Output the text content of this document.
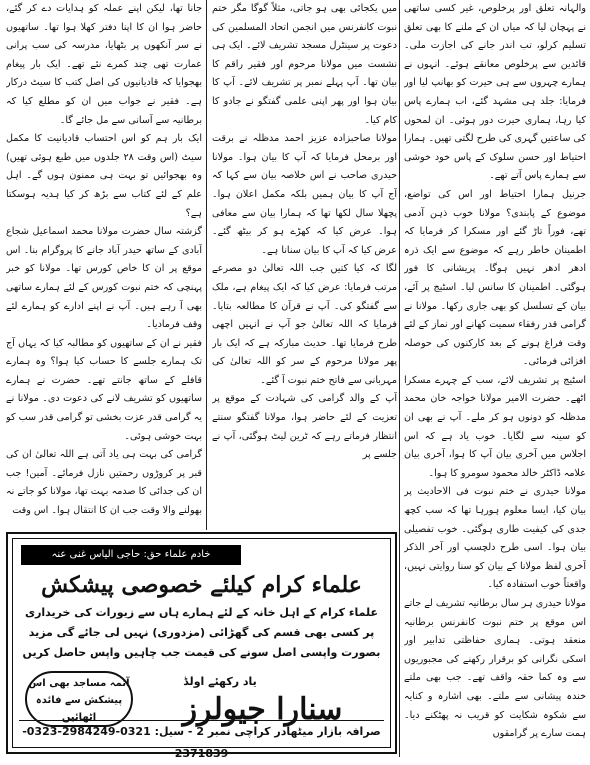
والہانہ تعلق اور پرخلوص، غیر کسی ساتھی نے پہچان لیا کہ میاں ان کے ملنے کا بھی تعلق تسلیم کرلو، تب اندر جانے کی اجازت ملی۔ قائدین سے پرخلوص معانقے ہوئے۔ انہوں نے ہمارے چہروں سے ہی حیرت کو بھانپ لیا اور فرمایا: جلد ہی مشہد گئے، اب ہمارے پاس کیا رہا، ہماری حیرت دور ہوئی۔ ان لمحوں کی ساعتیں گہری کی طرح لگتی تھیں۔ ہمارا احتیاط اور حسن سلوک کے پاس خود خوشی سے ہمارے پاس آتے تھے۔

جرنیل ہمارا احتیاط اور اس کی تواضع، موضوع کے پابندی؟ مولانا خوب ذہن آدمی تھے، فوراً تاڑ گئے اور مسکرا کر فرمایا کہ اطمینان خاطر رہے کہ موضوع سے ایک ذرہ ادھر ادھر نہیں ہوگا۔ پریشانی کا فور ہوگئی۔ اطمینان کا سانس لیا۔ اسٹیج پر آئے، بیان کے تسلسل کو بھی جاری رکھا۔ مولانا نے گرامی قدر رفقاء سمیت کھانے اور نماز کے لئے وقت فراغ ہونے کے بعد کارکنوں کی حوصلہ افزائی فرمائی۔

اسٹیج پر تشریف لائے، سب کے چہرے مسکرا اٹھے۔ حضرت الامیر مولانا خواجہ خان محمد مدظلہ کو دونوں ہو کر ملے۔ آپ نے بھی ان کو سینہ سے لگایا۔ خوب یاد ہے کہ اس اجلاس میں آخری بیان آپ کا ہوا، آخری بیان علامہ ڈاکٹر خالد محمود سومرو کا ہوا۔

مولانا حیدری نے ختم نبوت فی الاحادیث پر بیان کیا، ایسا معلوم ہورہا تھا کہ سب کچھ جدی کی کیفیت طاری ہوگئی۔ خوب تفصیلی بیان ہوا۔ اسی طرح دلچسپ اور آخر الذکر آخری لفظ مولانا کے بیان کو سنا روایتی نہیں، واقعتاً خوب استفادہ کیا۔

مولانا حیدری ہر سال برطانیہ تشریف لے جاتے اس موقع پر ختم نبوت کانفرنس برطانیہ منعقد ہوتی۔ ہماری حفاظتی تدابیر اور اسکی نگرانی کو برقرار رکھنے کی مجبوریوں سے وہ کما حقہ واقف تھے۔ جب بھی ملتے خندہ پیشانی سے ملتے۔ بھی اشارہ و کنایہ سے شکوہ شکایت کو قریب نہ پھٹکنے دیا۔ ہمت سارے پر گرامقوں

میں یکجائی بھی ہو جاتی، مثلاً گوگا مگر ختم نبوت کانفرنس میں انجمن اتحاد المسلمین کی دعوت پر سینٹرل مسجد تشریف لائے۔ ایک ہی نشست میں مولانا مرحوم اور فقیر راقم کا بیان تھا۔ آپ پہلے نمبر پر تشریف لائے۔ آپ کا بیان ہوا اور پھر اپنی علمی گفتگو نے جادو کا کام کیا۔

مولانا صاحبزادہ عزیز احمد مدظلہ نے برقت اور برمحل فرمایا کہ آپ کا بیان ہوا۔ مولانا حیدری صاحب نے اس خلاصہ بیان سے کہا کہ آج آپ کا بیان ہمیں بلکہ مکمل اعلان ہوا۔ پچھلا سال لکھا تھا کہ ہمارا بیان سے معافی ہوا۔ عرض کیا کہ کھڑے ہو کر بیٹھ گئے۔ عرض کیا کہ آپ کا بیان سنانا ہے۔

لگا کہ کیا کتیں جب اللہ تعالیٰ دو مصرعے مرتب فرمایا: عرض کیا کہ ایک پیغام ہے، ملک سے گفتگو کی۔ آپ نے قرآن کا مطالعہ بتایا۔ فرمایا کہ اللہ تعالیٰ جو آپ نے انہیں اچھی طرح فرمایا تھا۔ حدیث مبارکہ ہے کہ ایک بار پھر مولانا مرحوم کے سر کو اللہ تعالیٰ کی مہربانی سے فاتح ختم نبوت آ گئے۔

آپ کے والد گرامی کی شہادت کے موقع پر تعزیت کے لئے حاضر ہوا، مولانا گفتگو سنتے انتظار فرماتے رہے کہ ٹرین لیٹ ہوگئی، آپ نے جلسے پر

جانا تھا، لیکن اپنے عملہ کو ہدایات دے کر گئے، حاضر ہوا ان کا اپنا دفتر کھلا ہوا تھا۔ ساتھیوں نے سر آنکھوں پر بٹھایا، مدرسہ کی سب پرانی عمارت تھی چند کمرے نئے تھے۔ ایک بار پیغام بھجوایا کہ قادیانیوں کی اصل کتب کا سیٹ درکار ہے۔ فقیر نے جواب میں ان کو مطلع کیا کہ برطانیہ سے آسانی سے مل جائے گا۔

ایک بار ہم کو اس احتساب قادیانیت کا مکمل سیٹ (اس وقت ۲۸ جلدوں میں طبع ہوئی تھیں) وہ بھجوائیں تو بہت ہی ممنون ہوں گے۔ اہل علم کے لئے کتاب سے بڑھ کر کیا ہدیہ ہوسکتا ہے؟

گزشتہ سال حضرت مولانا محمد اسماعیل شجاع آبادی کے ساتھ حیدر آباد جانے کا پروگرام بنا۔ اس موقع پر ان کا خاص کورس تھا۔ مولانا کو خبر پہنچی کہ ختم نبوت کورس کے لئے ہمارے ساتھی بھی آ رہے ہیں۔ آپ نے اپنے ادارے کو ہمارے لئے وقف فرمادیا۔

فقیر نے ان کے ساتھیوں کو مطالبہ کیا کہ یہاں آج تک ہمارے جلسے کا حساب کیا ہوا؟ وہ ہمارے قافلے کے ساتھ جانتے تھے۔ حضرت نے ہمارے ساتھیوں کو تشریف لانے کی دعوت دی۔ مولانا نے یہ گرامی قدر عزت بخشی تو گرامی قدر سب کو بہت خوشی ہوئی۔

گرامی کی بہت ہی یاد آتی ہے اللہ تعالیٰ ان کی قبر پر کروڑوں رحمتیں نازل فرمائے۔ آمین! جب ان کی جدائی کا صدمہ بہت تھا، مولانا کو جاتے نہ بھولنے والا وقت جب ان کا انتقال ہوا۔ اس وقت

خادم علماء حق: حاجی الیاس غنی عنہ
علماء کرام کیلئے خصوصی پیشکش
علماء کرام کے اہل خانہ کے لئے ہمارے ہاں سے زیورات کی خریداری پر کسی بھی قسم کی گھڑائی (مزدوری) نہیں لی جائے گی مزید بصورت واپسی اصل سونے کی قیمت جب چاہیں واپس حاصل کریں
آئمہ مساجد بھی اس پیشکش سے فائدہ اٹھائیں
یاد رکھئے اولڈ
سنارا جیولرز
صرافہ بازار میٹھادر کراچی نمبر 2 - سیل: 0321-2984249-0323-2371839
